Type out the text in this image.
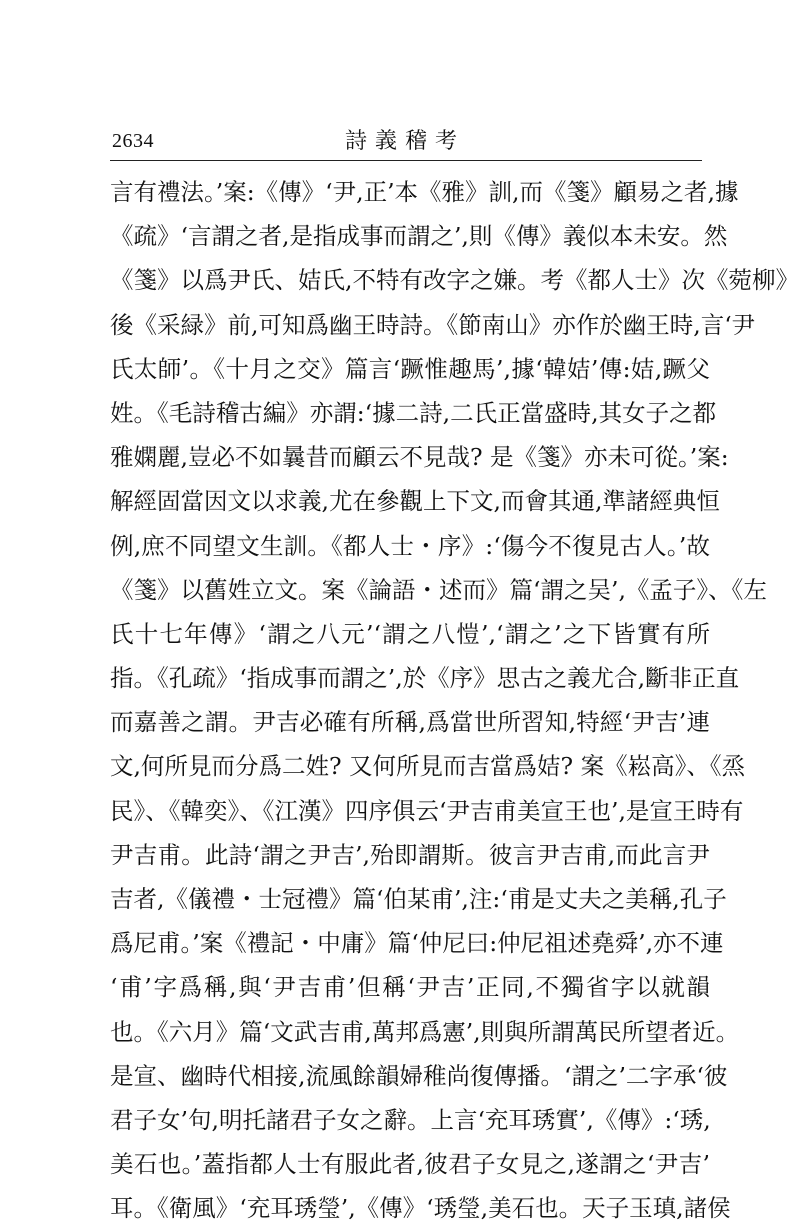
2634	詩義稽考
言有禮法。’案:《傳》‘尹,正’本《雅》訓,而《箋》顧易之者,據
《疏》‘言謂之者,是指成事而謂之’,則《傳》義似本未安。然
《箋》以爲尹氏、姞氏,不特有改字之嫌。考《都人士》次《菀柳》
後《采緑》前,可知爲幽王時詩。《節南山》亦作於幽王時,言‘尹
氏太師’。《十月之交》篇言‘蹶惟趣馬’,據‘韓姞’傳:姞,蹶父
姓。《毛詩稽古編》亦謂:‘據二詩,二氏正當盛時,其女子之都
雅嫻麗,豈必不如曩昔而顧云不見哉? 是《箋》亦未可從。’案:
解經固當因文以求義,尤在參觀上下文,而會其通,準諸經典恒
例,庶不同望文生訓。《都人士・序》:‘傷今不復見古人。’故
《箋》以舊姓立文。案《論語・述而》篇‘謂之吴’,《孟子》、《左
氏十七年傳》‘謂之八元’‘謂之八愷’,‘謂之’之下皆實有所
指。《孔疏》‘指成事而謂之’,於《序》思古之義尤合,斷非正直
而嘉善之謂。尹吉必確有所稱,爲當世所習知,特經‘尹吉’連
文,何所見而分爲二姓? 又何所見而吉當爲姞? 案《崧高》、《烝
民》、《韓奕》、《江漢》四序俱云‘尹吉甫美宣王也’,是宣王時有
尹吉甫。此詩‘謂之尹吉’,殆即謂斯。彼言尹吉甫,而此言尹
吉者,《儀禮・士冠禮》篇‘伯某甫’,注:‘甫是丈夫之美稱,孔子
爲尼甫。’案《禮記・中庸》篇‘仲尼曰:仲尼祖述堯舜’,亦不連
‘甫’字爲稱,與‘尹吉甫’但稱‘尹吉’正同,不獨省字以就韻
也。《六月》篇‘文武吉甫,萬邦爲憲’,則與所謂萬民所望者近。
是宣、幽時代相接,流風餘韻婦稚尚復傳播。‘謂之’二字承‘彼
君子女’句,明托諸君子女之辭。上言‘充耳琇實’,《傳》:‘琇,
美石也。’蓋指都人士有服此者,彼君子女見之,遂謂之‘尹吉’
耳。《衛風》‘充耳琇瑩’,《傳》‘琇瑩,美石也。天子玉瑱,諸侯
